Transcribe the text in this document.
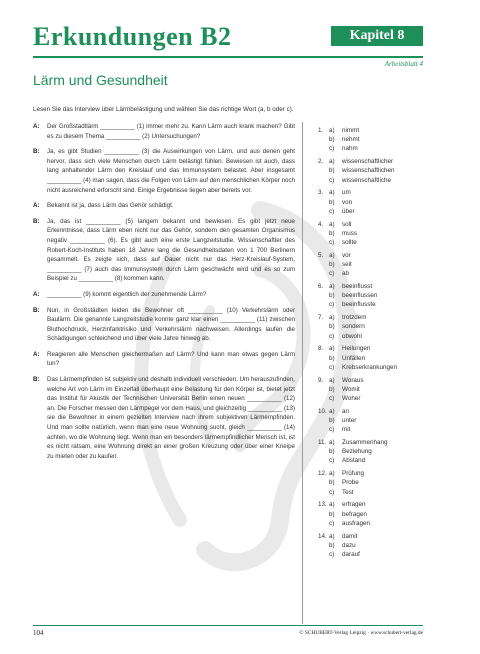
Erkundungen B2	Kapitel 8
Arbeitsblatt 4
Lärm und Gesundheit
Lesen Sie das Interview über Lärmbelästigung und wählen Sie das richtige Wort (a, b oder c).
A:	Der Großstadtlärm __________ (1) immer mehr zu. Kann Lärm auch krank machen? Gibt es zu diesem Thema __________ (2) Untersuchungen?
B:	Ja, es gibt Studien __________ (3) die Auswirkungen von Lärm, und aus denen geht hervor, dass sich viele Menschen durch Lärm belästigt fühlen. Bewiesen ist auch, dass lang anhaltender Lärm den Kreislauf und das Immunsystem belastet. Aber insgesamt __________ (4) man sagen, dass die Folgen von Lärm auf den menschlichen Körper noch nicht ausreichend erforscht sind. Einige Ergebnisse liegen aber bereits vor.
A:	Bekannt ist ja, dass Lärm das Gehör schädigt.
B:	Ja, das ist __________ (5) langem bekannt und bewiesen. Es gibt jetzt neue Erkenntnisse, dass Lärm eben nicht nur das Gehör, sondern den gesamten Organismus negativ __________ (6). Es gibt auch eine erste Langzeitstudie. Wissenschaftler des Robert-Koch-Instituts haben 18 Jahre lang die Gesundheitsdaten von 1 700 Berlinern gesammelt. Es zeigte sich, dass auf Dauer nicht nur das Herz-Kreislauf-System, __________ (7) auch das Immunsystem durch Lärm geschwächt wird und es so zum Beispiel zu __________ (8) kommen kann.
A:	__________ (9) kommt eigentlich der zunehmende Lärm?
B:	Nun, in Großstädten leiden die Bewohner oft __________ (10) Verkehrslärm oder Baulärm. Die genannte Langzeitstudie konnte ganz klar einen __________ (11) zwischen Bluthochdruck, Herzinfarktrisiko und Verkehrslärm nachweisen. Allerdings laufen die Schädigungen schleichend und über viele Jahre hinweg ab.
A:	Reagieren alle Menschen gleichermaßen auf Lärm? Und kann man etwas gegen Lärm tun?
B:	Das Lärmempfinden ist subjektiv und deshalb individuell verschieden. Um herauszufinden, welche Art von Lärm im Einzelfall überhaupt eine Belastung für den Körper ist, bietet jetzt das Institut für Akustik der Technischen Universität Berlin einen neuen __________ (12) an. Die Forscher messen den Lärmpegel vor dem Haus, und gleichzeitig __________ (13) sie die Bewohner in einem gezielten Interview nach ihrem subjektiven Lärmempfinden. Und man sollte natürlich, wenn man eine neue Wohnung sucht, gleich __________ (14) achten, wo die Wohnung liegt. Wenn man ein besonders lärmempfindlicher Mensch ist, ist es nicht ratsam, eine Wohnung direkt an einer großen Kreuzung oder über einer Kneipe zu mieten oder zu kaufen.
1. a)	nimmt
b)	nehmt
c)	nahm
2. a)	wissenschaftlicher
b)	wissenschaftlichen
c)	wissenschaftliche
3. a)	um
b)	von
c)	über
4. a)	soll
b)	muss
c)	sollte
5. a)	vor
b)	seit
c)	ab
6. a)	beeinflusst
b)	beeinflussen
c)	beeinflusste
7. a)	trotzdem
b)	sondern
c)	obwohl
8. a)	Heilungen
b)	Unfällen
c)	Krebserkrankungen
9. a)	Woraus
b)	Womit
c)	Woher
10. a)	an
b)	unter
c)	mit
11. a)	Zusammenhang
b)	Beziehung
c)	Abstand
12. a)	Prüfung
b)	Probe
c)	Test
13. a)	erfragen
b)	befragen
c)	ausfragen
14. a)	damit
b)	dazu
c)	darauf
104	© SCHUBERT-Verlag Leipzig · www.schubert-verlag.de
